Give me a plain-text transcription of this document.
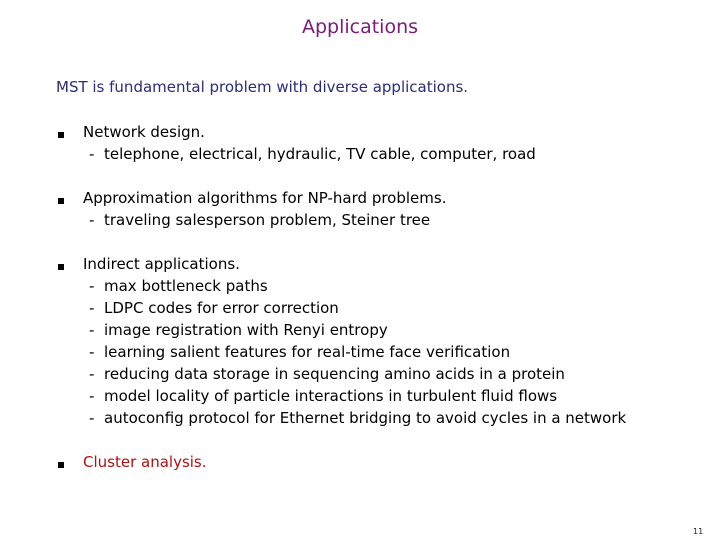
Applications
MST is fundamental problem with diverse applications.
Network design.
- telephone, electrical, hydraulic, TV cable, computer, road
Approximation algorithms for NP-hard problems.
- traveling salesperson problem, Steiner tree
Indirect applications.
- max bottleneck paths
- LDPC codes for error correction
- image registration with Renyi entropy
- learning salient features for real-time face verification
- reducing data storage in sequencing amino acids in a protein
- model locality of particle interactions in turbulent fluid flows
- autoconfig protocol for Ethernet bridging to avoid cycles in a network
Cluster analysis.
11
